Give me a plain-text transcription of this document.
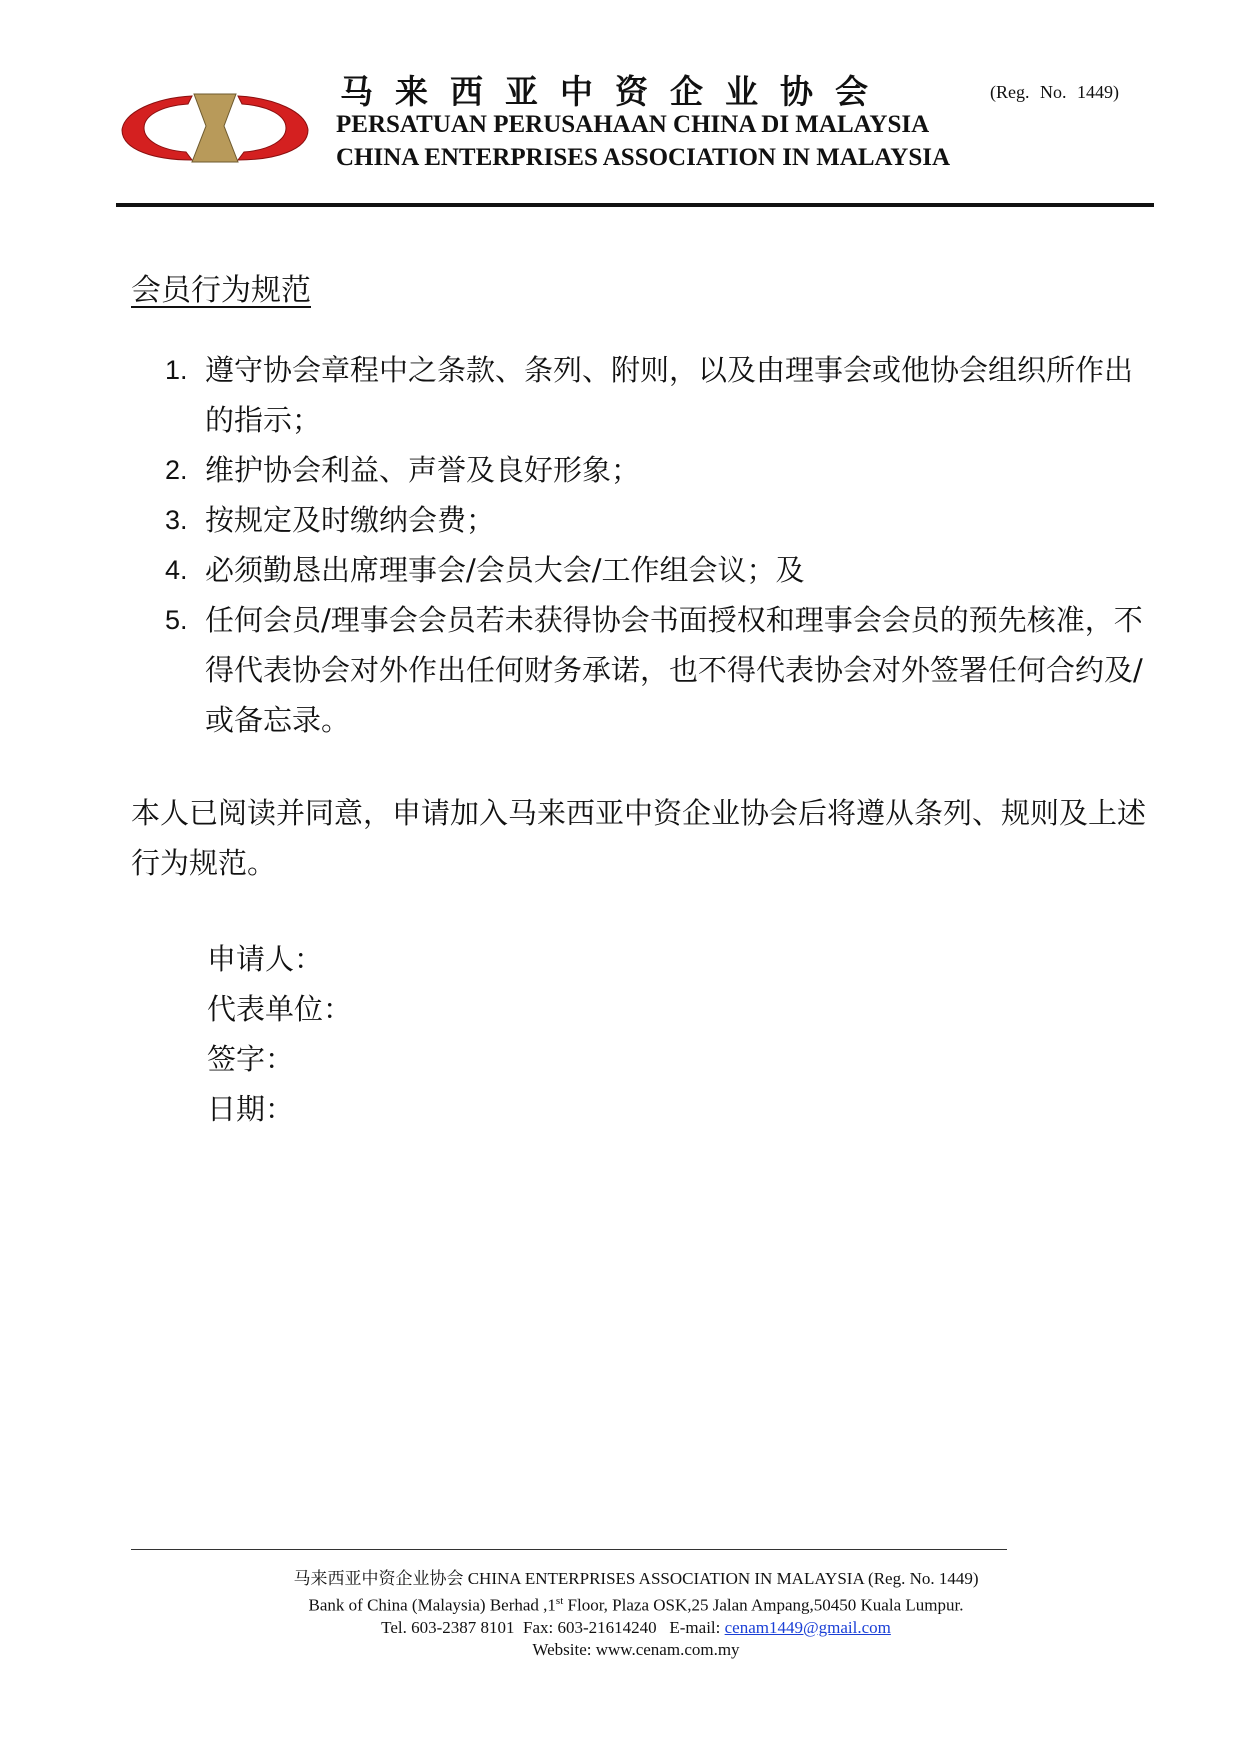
马来西亚中资企业协会	(Reg. No. 1449)
PERSATUAN PERUSAHAAN CHINA DI MALAYSIA
CHINA ENTERPRISES ASSOCIATION IN MALAYSIA
会员行为规范
1. 遵守协会章程中之条款、条列、附则，以及由理事会或他协会组织所作出的指示；
2. 维护协会利益、声誉及良好形象；
3. 按规定及时缴纳会费；
4. 必须勤恳出席理事会/会员大会/工作组会议；及
5. 任何会员/理事会会员若未获得协会书面授权和理事会会员的预先核准，不得代表协会对外作出任何财务承诺，也不得代表协会对外签署任何合约及/或备忘录。
本人已阅读并同意，申请加入马来西亚中资企业协会后将遵从条列、规则及上述行为规范。
申请人：
代表单位：
签字：
日期：
马来西亚中资企业协会 CHINA ENTERPRISES ASSOCIATION IN MALAYSIA (Reg. No. 1449)
Bank of China (Malaysia) Berhad ,1st Floor, Plaza OSK,25 Jalan Ampang,50450 Kuala Lumpur.
Tel. 603-2387 8101  Fax: 603-21614240   E-mail: cenam1449@gmail.com
Website: www.cenam.com.my
